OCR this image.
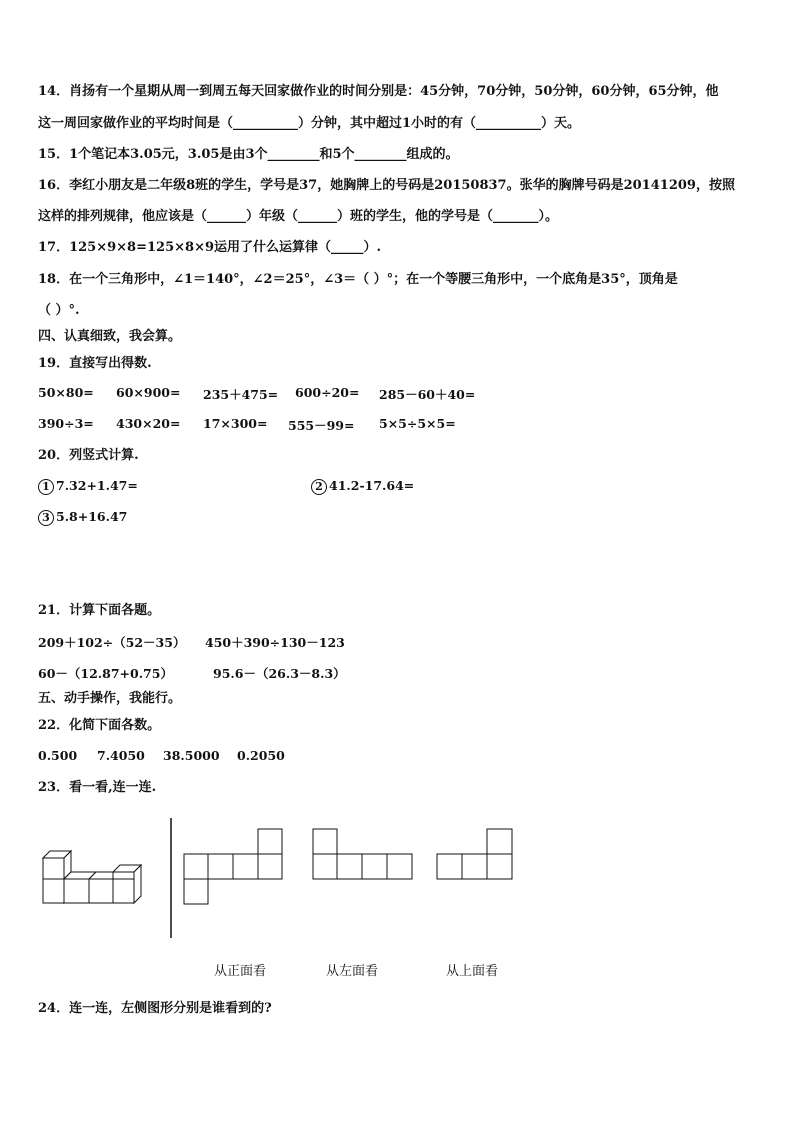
14．肖扬有一个星期从周一到周五每天回家做作业的时间分别是：45分钟，70分钟，50分钟，60分钟，65分钟，他
这一周回家做作业的平均时间是（__________）分钟，其中超过1小时的有（__________）天。
15．1个笔记本3.05元，3.05是由3个________和5个________组成的。
16．李红小朋友是二年级8班的学生，学号是37，她胸牌上的号码是20150837。张华的胸牌号码是20141209，按照
这样的排列规律，他应该是（______）年级（______）班的学生，他的学号是（_______）。
17．125×9×8=125×8×9运用了什么运算律（_____）.
18．在一个三角形中，∠1＝140°，∠2＝25°，∠3＝（ ）°；在一个等腰三角形中，一个底角是35°，顶角是
（ ）°.
四、认真细致，我会算。
19．直接写出得数.
50×80= 60×900= 235＋475= 600÷20= 285－60＋40=
390÷3= 430×20= 17×300= 555－99= 5×5÷5×5=
20．列竖式计算.
1 7.32+1.47=	2 41.2-17.64=
3 5.8+16.47
21．计算下面各题。
209＋102÷（52－35） 450＋390÷130－123
60－（12.87+0.75）	95.6－（26.3－8.3）
五、动手操作，我能行。
22．化简下面各数。
0.500 7.4050 38.5000 0.2050
23．看一看,连一连.
从正面看	从左面看	从上面看
24．连一连，左侧图形分别是谁看到的?
